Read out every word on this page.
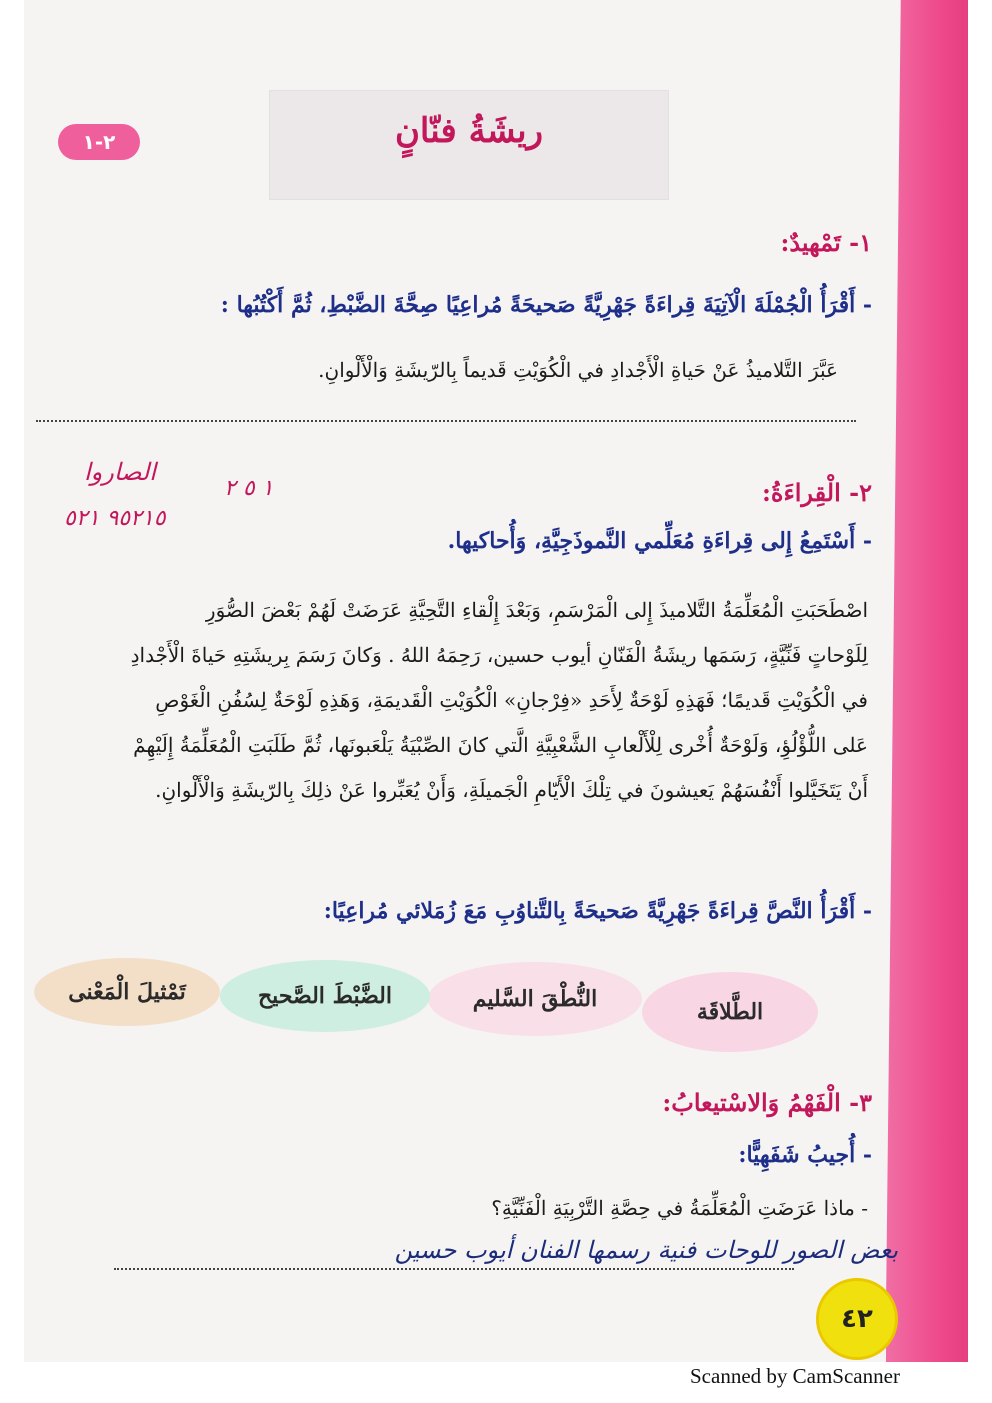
ريشَةُ فنّانٍ
٢-١
١- تَمْهيدٌ:
- أَقْرَأُ الْجُمْلَةَ الْآتِيَةَ قِراءَةً جَهْرِيَّةً صَحيحَةً مُراعِيًا صِحَّةَ الضَّبْطِ، ثُمَّ أَكْتُبُها :
عَبَّرَ التَّلاميذُ عَنْ حَياةِ الْأَجْدادِ في الْكُوَيْتِ قَديماً بِالرّيشَةِ وَالْأَلْوانِ.
٢- الْقِراءَةُ:
- أَسْتَمِعُ إِلى قِراءَةِ مُعَلِّمي النَّموذَجِيَّةِ، وَأُحاكيها.
الصاروا
٩٥٢١٥ ٥٢١
١ ٥ ٢
اصْطَحَبَتِ الْمُعَلِّمَةُ التَّلاميذَ إِلى الْمَرْسَمِ، وَبَعْدَ إِلْقاءِ التَّحِيَّةِ عَرَضَتْ لَهُمْ بَعْضَ الصُّوَرِ
لِلَوْحاتٍ فَنِّيَّةٍ، رَسَمَها ريشَةُ الْفَنّانِ أيوب حسين، رَحِمَهُ اللهُ . وَكانَ رَسَمَ بِريشَتِهِ حَياةَ الْأَجْدادِ
في الْكُوَيْتِ قَديمًا؛ فَهَذِهِ لَوْحَةٌ لِأَحَدِ «فِرْجانِ» الْكُوَيْتِ الْقَديمَةِ، وَهَذِهِ لَوْحَةٌ لِسُفُنِ الْغَوْصِ
عَلى اللُّؤْلُؤِ، وَلَوْحَةٌ أُخْرى لِلْأَلْعابِ الشَّعْبِيَّةِ الَّتي كانَ الصِّبْيَةُ يَلْعَبونَها، ثُمَّ طَلَبَتِ الْمُعَلِّمَةُ إِلَيْهِمْ
أَنْ يَتَخَيَّلوا أَنْفُسَهُمْ يَعيشونَ في تِلْكَ الْأَيّامِ الْجَميلَةِ، وَأَنْ يُعَبِّروا عَنْ ذلِكَ بِالرّيشَةِ وَالْأَلْوانِ.
- أَقْرَأُ النَّصَّ قِراءَةً جَهْرِيَّةً صَحيحَةً بِالتَّناوُبِ مَعَ زُمَلائي مُراعِيًا:
الطَّلاقَة
النُّطْقَ السَّليم
الضَّبْطَ الصَّحيح
تَمْثيلَ الْمَعْنى
٣- الْفَهْمُ وَالاسْتيعابُ:
- أُجيبُ شَفَهِيًّا:
- ماذا عَرَضَتِ الْمُعَلِّمَةُ في حِصَّةِ التَّرْبِيَةِ الْفَنِّيَّةِ؟
بعض الصور للوحات فنية رسمها الفنان أيوب حسين
٤٢
Scanned by CamScanner
